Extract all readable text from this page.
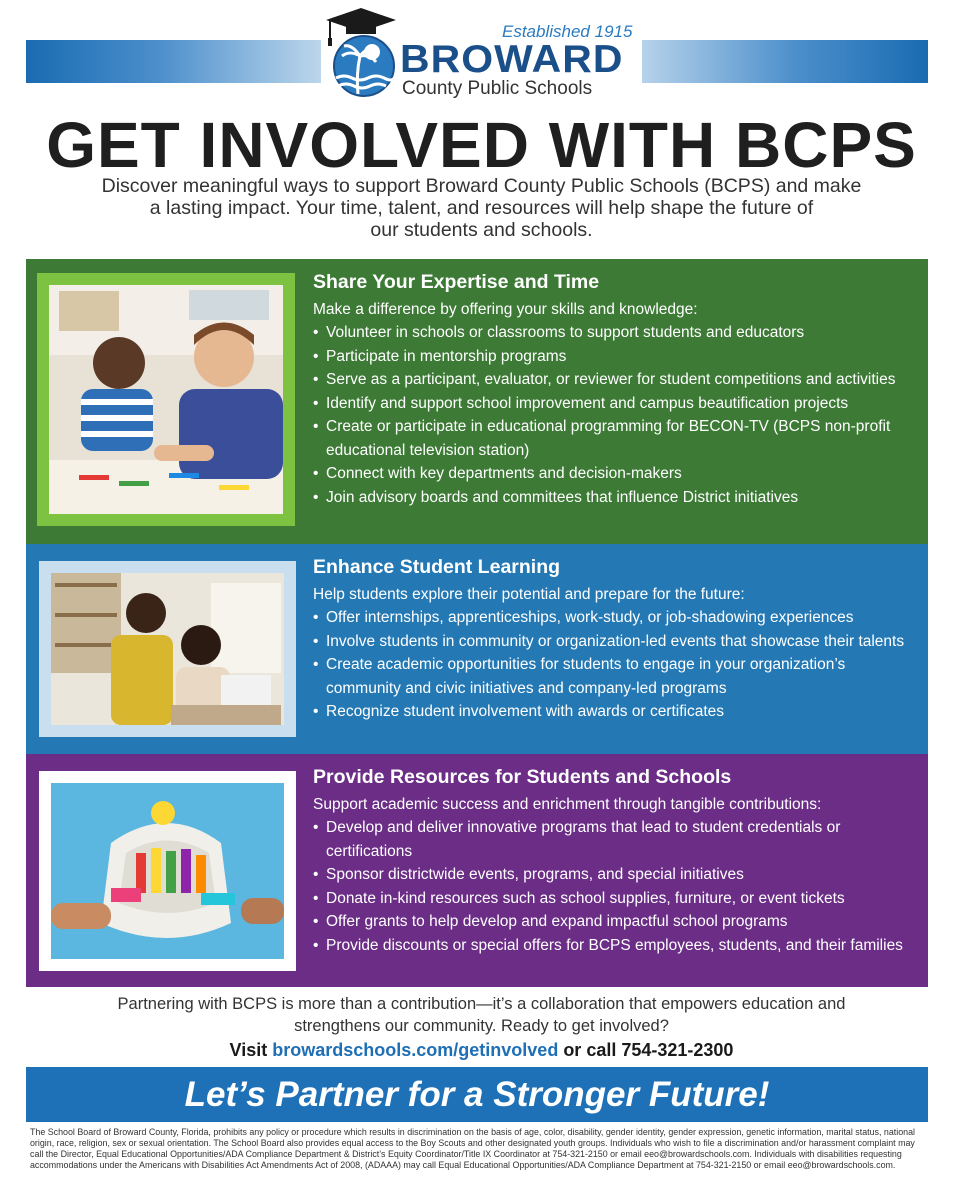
Established 1915
BROWARD
County Public Schools
GET INVOLVED WITH BCPS
Discover meaningful ways to support Broward County Public Schools (BCPS) and make
a lasting impact. Your time, talent, and resources will help shape the future of
our students and schools.
Share Your Expertise and Time
Make a difference by offering your skills and knowledge:
• Volunteer in schools or classrooms to support students and educators
• Participate in mentorship programs
• Serve as a participant, evaluator, or reviewer for student competitions and activities
• Identify and support school improvement and campus beautification projects
• Create or participate in educational programming for BECON-TV (BCPS non-profit educational television station)
• Connect with key departments and decision-makers
• Join advisory boards and committees that influence District initiatives
Enhance Student Learning
Help students explore their potential and prepare for the future:
• Offer internships, apprenticeships, work-study, or job-shadowing experiences
• Involve students in community or organization-led events that showcase their talents
• Create academic opportunities for students to engage in your organization’s community and civic initiatives and company-led programs
• Recognize student involvement with awards or certificates
Provide Resources for Students and Schools
Support academic success and enrichment through tangible contributions:
• Develop and deliver innovative programs that lead to student credentials or certifications
• Sponsor districtwide events, programs, and special initiatives
• Donate in-kind resources such as school supplies, furniture, or event tickets
• Offer grants to help develop and expand impactful school programs
• Provide discounts or special offers for BCPS employees, students, and their families
Partnering with BCPS is more than a contribution—it’s a collaboration that empowers education and
strengthens our community. Ready to get involved?
Visit browardschools.com/getinvolved or call 754-321-2300
Let’s Partner for a Stronger Future!
The School Board of Broward County, Florida, prohibits any policy or procedure which results in discrimination on the basis of age, color, disability, gender identity, gender expression, genetic information, marital status, national origin, race, religion, sex or sexual orientation. The School Board also provides equal access to the Boy Scouts and other designated youth groups. Individuals who wish to file a discrimination and/or harassment complaint may call the Director, Equal Educational Opportunities/ADA Compliance Department & District’s Equity Coordinator/Title IX Coordinator at 754-321-2150 or email eeo@browardschools.com. Individuals with disabilities requesting accommodations under the Americans with Disabilities Act Amendments Act of 2008, (ADAAA) may call Equal Educational Opportunities/ADA Compliance Department at 754-321-2150 or email eeo@browardschools.com.
